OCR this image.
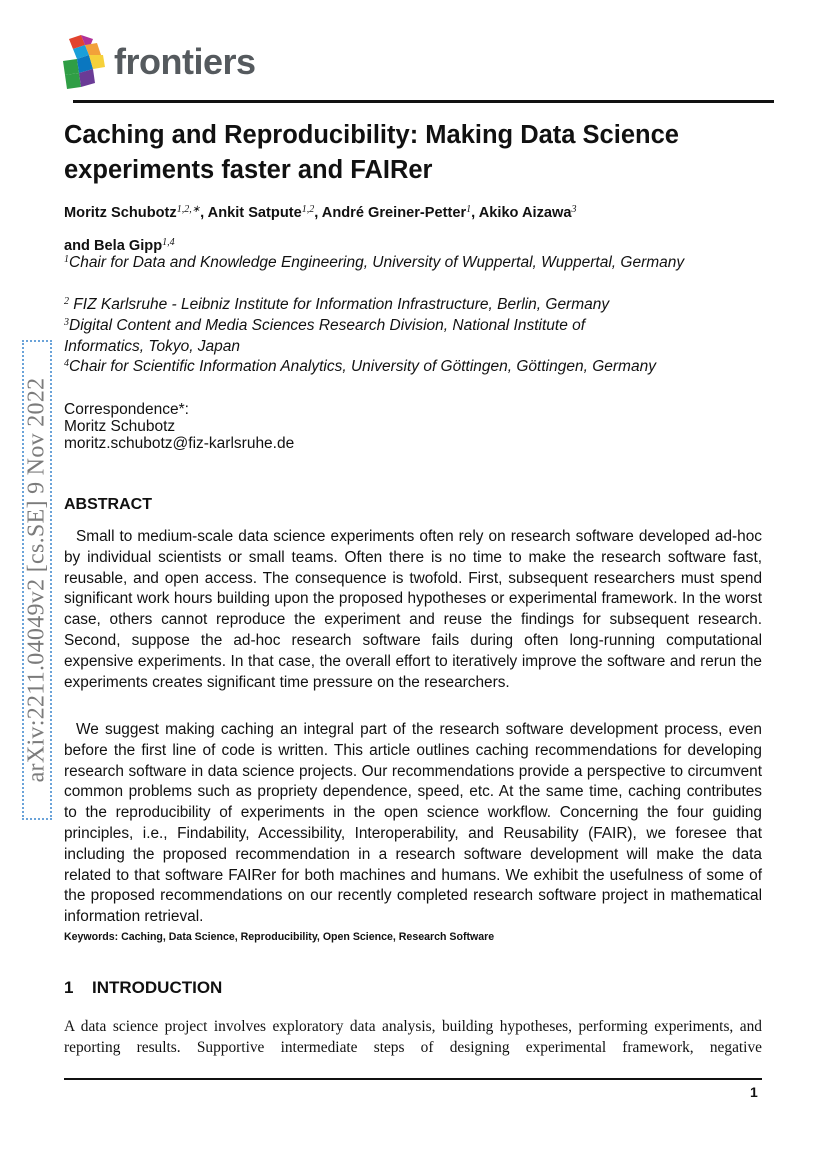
frontiers
Caching and Reproducibility: Making Data Science experiments faster and FAIRer
Moritz Schubotz$^{1,2,∗}$, Ankit Satpute$^{1,2}$, André Greiner-Petter$^1$, Akiko Aizawa$^3$
and Bela Gipp$^{1,4}$
$^1$Chair for Data and Knowledge Engineering, University of Wuppertal, Wuppertal, Germany
$^2$ FIZ Karlsruhe - Leibniz Institute for Information Infrastructure, Berlin, Germany
$^3$Digital Content and Media Sciences Research Division, National Institute of Informatics, Tokyo, Japan
$^4$Chair for Scientific Information Analytics, University of Göttingen, Göttingen, Germany
Correspondence*:
Moritz Schubotz
moritz.schubotz@fiz-karlsruhe.de
arXiv:2211.04049v2 [cs.SE] 9 Nov 2022 ABSTRACT

Small to medium-scale data science experiments often rely on research software developed ad-hoc by individual scientists or small teams. Often there is no time to make the research software fast, reusable, and open access. The consequence is twofold. First, subsequent researchers must spend significant work hours building upon the proposed hypotheses or experimental framework. In the worst case, others cannot reproduce the experiment and reuse the findings for subsequent research. Second, suppose the ad-hoc research software fails during often long-running computational expensive experiments. In that case, the overall effort to iteratively improve the software and rerun the experiments creates significant time pressure on the researchers.

We suggest making caching an integral part of the research software development process, even before the first line of code is written. This article outlines caching recommendations for developing research software in data science projects. Our recommendations provide a perspective to circumvent common problems such as propriety dependence, speed, etc. At the same time, caching contributes to the reproducibility of experiments in the open science workflow. Concerning the four guiding principles, i.e., Findability, Accessibility, Interoperability, and Reusability (FAIR), we foresee that including the proposed recommendation in a research software development will make the data related to that software FAIRer for both machines and humans. We exhibit the usefulness of some of the proposed recommendations on our recently completed research software project in mathematical information retrieval.

Keywords: Caching, Data Science, Reproducibility, Open Science, Research Software
1 INTRODUCTION

A data science project involves exploratory data analysis, building hypotheses, performing experiments, and reporting results. Supportive intermediate steps of designing experimental framework, negative

1
